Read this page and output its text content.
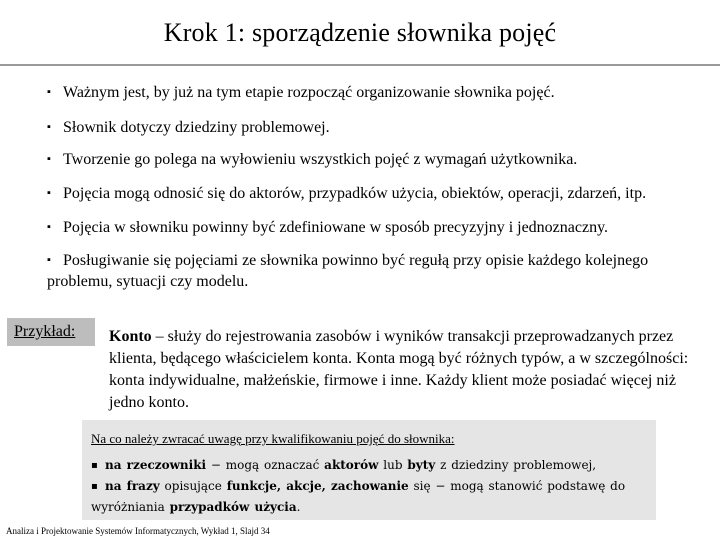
Krok 1: sporządzenie słownika pojęć
▪ Ważnym jest, by już na tym etapie rozpocząć organizowanie słownika pojęć.
▪ Słownik dotyczy dziedziny problemowej.
▪ Tworzenie go polega na wyłowieniu wszystkich pojęć z wymagań użytkownika.
▪ Pojęcia mogą odnosić się do aktorów, przypadków użycia, obiektów, operacji, zdarzeń, itp.
▪ Pojęcia w słowniku powinny być zdefiniowane w sposób precyzyjny i jednoznaczny.
▪ Posługiwanie się pojęciami ze słownika powinno być regułą przy opisie każdego kolejnego problemu, sytuacji czy modelu.
Przykład:	Konto – służy do rejestrowania zasobów i wyników transakcji przeprowadzanych przez klienta, będącego właścicielem konta. Konta mogą być różnych typów, a w szczególności: konta indywidualne, małżeńskie, firmowe i inne. Każdy klient może posiadać więcej niż jedno konto.
Na co należy zwracać uwagę przy kwalifikowaniu pojęć do słownika:
▪ na rzeczowniki − mogą oznaczać aktorów lub byty z dziedziny problemowej,
▪ na frazy opisujące funkcje, akcje, zachowanie się − mogą stanowić podstawę do wyróżniania przypadków użycia.
Analiza i Projektowanie Systemów Informatycznych, Wykład 1, Slajd 34
